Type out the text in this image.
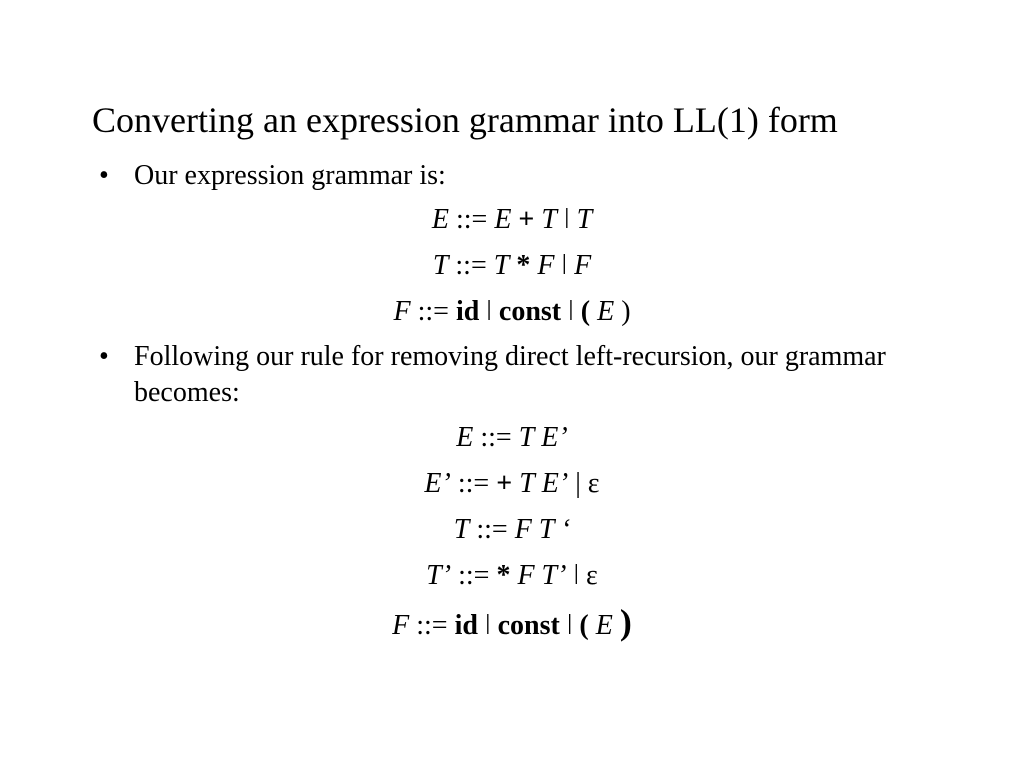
Converting an expression grammar into LL(1) form
• Our expression grammar is:
E ::= E + T ǀ T
T ::= T * F ǀ F
F ::= id ǀ const ǀ ( E )
• Following our rule for removing direct left-recursion, our grammar becomes:
E ::= T E’
E’ ::= + T E’ | ε
T ::= F T ‘
T’ ::= * F T’ ǀ ε
F ::= id ǀ const ǀ ( E )
